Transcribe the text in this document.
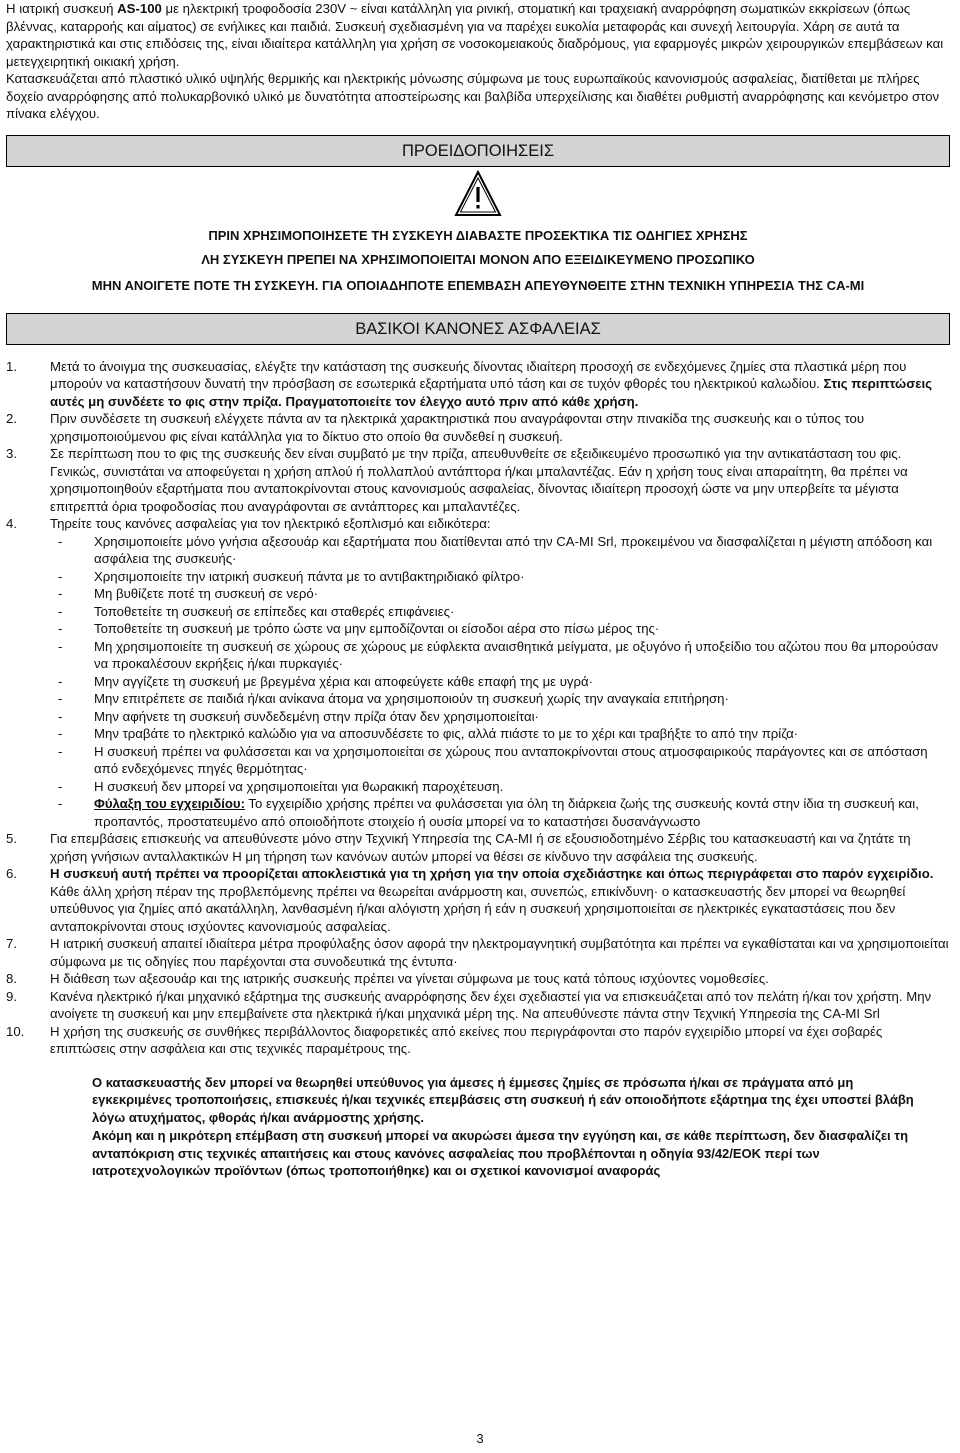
Η ιατρική συσκευή AS-100 με ηλεκτρική τροφοδοσία 230V ~ είναι κατάλληλη για ρινική, στοματική και τραχειακή αναρρόφηση σωματικών εκκρίσεων (όπως βλέννας, καταρροής και αίματος) σε ενήλικες και παιδιά. Συσκευή σχεδιασμένη για να παρέχει ευκολία μεταφοράς και συνεχή λειτουργία. Χάρη σε αυτά τα χαρακτηριστικά και στις επιδόσεις της, είναι ιδιαίτερα κατάλληλη για χρήση σε νοσοκομειακούς διαδρόμους, για εφαρμογές μικρών χειρουργικών επεμβάσεων και μετεγχειρητική οικιακή χρήση.

Κατασκευάζεται από πλαστικό υλικό υψηλής θερμικής και ηλεκτρικής μόνωσης σύμφωνα με τους ευρωπαϊκούς κανονισμούς ασφαλείας, διατίθεται με πλήρες δοχείο αναρρόφησης από πολυκαρβονικό υλικό με δυνατότητα αποστείρωσης και βαλβίδα υπερχείλισης και διαθέτει ρυθμιστή αναρρόφησης και κενόμετρο στον πίνακα ελέγχου.

ΠΡΟΕΙΔΟΠΟΙΗΣΕΙΣ

ΠΡΙΝ ΧΡΗΣΙΜΟΠΟΙΗΣΕΤΕ ΤΗ ΣΥΣΚΕΥΗ ΔΙΑΒΑΣΤΕ ΠΡΟΣΕΚΤΙΚΑ ΤΙΣ ΟΔΗΓΙΕΣ ΧΡΗΣΗΣ

ΛΗ ΣΥΣΚΕΥΗ ΠΡΕΠΕΙ ΝΑ ΧΡΗΣΙΜΟΠΟΙΕΙΤΑΙ ΜΟΝΟΝ ΑΠΟ ΕΞΕΙΔΙΚΕΥΜΕΝΟ ΠΡΟΣΩΠΙΚΟ

ΜΗΝ ΑΝΟΙΓΕΤΕ ΠΟΤΕ ΤΗ ΣΥΣΚΕΥΗ. ΓΙΑ ΟΠΟΙΑΔΗΠΟΤΕ ΕΠΕΜΒΑΣΗ ΑΠΕΥΘΥΝΘΕΙΤΕ ΣΤΗΝ ΤΕΧΝΙΚΗ ΥΠΗΡΕΣΙΑ ΤΗΣ CA-MI

ΒΑΣΙΚΟΙ ΚΑΝΟΝΕΣ ΑΣΦΑΛΕΙΑΣ
1.	Μετά το άνοιγμα της συσκευασίας, ελέγξτε την κατάσταση της συσκευής δίνοντας ιδιαίτερη προσοχή σε ενδεχόμενες ζημίες στα πλαστικά μέρη που μπορούν να καταστήσουν δυνατή την πρόσβαση σε εσωτερικά εξαρτήματα υπό τάση και σε τυχόν φθορές του ηλεκτρικού καλωδίου. Στις περιπτώσεις αυτές μη συνδέετε το φις στην πρίζα. Πραγματοποιείτε τον έλεγχο αυτό πριν από κάθε χρήση.
2.	Πριν συνδέσετε τη συσκευή ελέγχετε πάντα αν τα ηλεκτρικά χαρακτηριστικά που αναγράφονται στην πινακίδα της συσκευής και ο τύπος του χρησιμοποιούμενου φις είναι κατάλληλα για το δίκτυο στο οποίο θα συνδεθεί η συσκευή.
3.	Σε περίπτωση που το φις της συσκευής δεν είναι συμβατό με την πρίζα, απευθυνθείτε σε εξειδικευμένο προσωπικό για την αντικατάσταση του φις. Γενικώς, συνιστάται να αποφεύγεται η χρήση απλού ή πολλαπλού αντάπτορα ή/και μπαλαντέζας. Εάν η χρήση τους είναι απαραίτητη, θα πρέπει να χρησιμοποιηθούν εξαρτήματα που ανταποκρίνονται στους κανονισμούς ασφαλείας, δίνοντας ιδιαίτερη προσοχή ώστε να μην υπερβείτε τα μέγιστα επιτρεπτά όρια τροφοδοσίας που αναγράφονται σε αντάπτορες και μπαλαντέζες.
4.	Τηρείτε τους κανόνες ασφαλείας για τον ηλεκτρικό εξοπλισμό και ειδικότερα:
- Χρησιμοποιείτε μόνο γνήσια αξεσουάρ και εξαρτήματα που διατίθενται από την CA-MI Srl, προκειμένου να διασφαλίζεται η μέγιστη απόδοση και ασφάλεια της συσκευής·
- Χρησιμοποιείτε την ιατρική συσκευή πάντα με το αντιβακτηριδιακό φίλτρο·
- Μη βυθίζετε ποτέ τη συσκευή σε νερό·
- Τοποθετείτε τη συσκευή σε επίπεδες και σταθερές επιφάνειες·
- Τοποθετείτε τη συσκευή με τρόπο ώστε να μην εμποδίζονται οι είσοδοι αέρα στο πίσω μέρος της·
- Μη χρησιμοποιείτε τη συσκευή σε χώρους σε χώρους με εύφλεκτα αναισθητικά μείγματα, με οξυγόνο ή υποξείδιο του αζώτου που θα μπορούσαν να προκαλέσουν εκρήξεις ή/και πυρκαγιές·
- Μην αγγίζετε τη συσκευή με βρεγμένα χέρια και αποφεύγετε κάθε επαφή της με υγρά·
- Μην επιτρέπετε σε παιδιά ή/και ανίκανα άτομα να χρησιμοποιούν τη συσκευή χωρίς την αναγκαία επιτήρηση·
- Μην αφήνετε τη συσκευή συνδεδεμένη στην πρίζα όταν δεν χρησιμοποιείται·
- Μην τραβάτε το ηλεκτρικό καλώδιο για να αποσυνδέσετε το φις, αλλά πιάστε το με το χέρι και τραβήξτε το από την πρίζα·
- Η συσκευή πρέπει να φυλάσσεται και να χρησιμοποιείται σε χώρους που ανταποκρίνονται στους ατμοσφαιρικούς παράγοντες και σε απόσταση από ενδεχόμενες πηγές θερμότητας·
- Η συσκευή δεν μπορεί να χρησιμοποιείται για θωρακική παροχέτευση.
- Φύλαξη του εγχειριδίου: Το εγχειρίδιο χρήσης πρέπει να φυλάσσεται για όλη τη διάρκεια ζωής της συσκευής κοντά στην ίδια τη συσκευή και, προπαντός, προστατευμένο από οποιοδήποτε στοιχείο ή ουσία μπορεί να το καταστήσει δυσανάγνωστο
5.	Για επεμβάσεις επισκευής να απευθύνεστε μόνο στην Τεχνική Υπηρεσία της CA-MI ή σε εξουσιοδοτημένο Σέρβις του κατασκευαστή και να ζητάτε τη χρήση γνήσιων ανταλλακτικών Η μη τήρηση των κανόνων αυτών μπορεί να θέσει σε κίνδυνο την ασφάλεια της συσκευής.
6.	Η συσκευή αυτή πρέπει να προορίζεται αποκλειστικά για τη χρήση για την οποία σχεδιάστηκε και όπως περιγράφεται στο παρόν εγχειρίδιο. Κάθε άλλη χρήση πέραν της προβλεπόμενης πρέπει να θεωρείται ανάρμοστη και, συνεπώς, επικίνδυνη· ο κατασκευαστής δεν μπορεί να θεωρηθεί υπεύθυνος για ζημίες από ακατάλληλη, λανθασμένη ή/και αλόγιστη χρήση ή εάν η συσκευή χρησιμοποιείται σε ηλεκτρικές εγκαταστάσεις που δεν ανταποκρίνονται στους ισχύοντες κανονισμούς ασφαλείας.
7.	Η ιατρική συσκευή απαιτεί ιδιαίτερα μέτρα προφύλαξης όσον αφορά την ηλεκτρομαγνητική συμβατότητα και πρέπει να εγκαθίσταται και να χρησιμοποιείται σύμφωνα με τις οδηγίες που παρέχονται στα συνοδευτικά της έντυπα·
8.	Η διάθεση των αξεσουάρ και της ιατρικής συσκευής πρέπει να γίνεται σύμφωνα με τους κατά τόπους ισχύοντες νομοθεσίες.
9.	Κανένα ηλεκτρικό ή/και μηχανικό εξάρτημα της συσκευής αναρρόφησης δεν έχει σχεδιαστεί για να επισκευάζεται από τον πελάτη ή/και τον χρήστη. Μην ανοίγετε τη συσκευή και μην επεμβαίνετε στα ηλεκτρικά ή/και μηχανικά μέρη της. Να απευθύνεστε πάντα στην Τεχνική Υπηρεσία της CA-MI Srl
10. Η χρήση της συσκευής σε συνθήκες περιβάλλοντος διαφορετικές από εκείνες που περιγράφονται στο παρόν εγχειρίδιο μπορεί να έχει σοβαρές επιπτώσεις στην ασφάλεια και στις τεχνικές παραμέτρους της.

Ο κατασκευαστής δεν μπορεί να θεωρηθεί υπεύθυνος για άμεσες ή έμμεσες ζημίες σε πρόσωπα ή/και σε πράγματα από μη εγκεκριμένες τροποποιήσεις, επισκευές ή/και τεχνικές επεμβάσεις στη συσκευή ή εάν οποιοδήποτε εξάρτημα της έχει υποστεί βλάβη λόγω ατυχήματος, φθοράς ή/και ανάρμοστης χρήσης.

Ακόμη και η μικρότερη επέμβαση στη συσκευή μπορεί να ακυρώσει άμεσα την εγγύηση και, σε κάθε περίπτωση, δεν διασφαλίζει τη ανταπόκριση στις τεχνικές απαιτήσεις και στους κανόνες ασφαλείας που προβλέπονται η οδηγία 93/42/ΕΟΚ περί των ιατροτεχνολογικών προϊόντων (όπως τροποποιήθηκε) και οι σχετικοί κανονισμοί αναφοράς

3
